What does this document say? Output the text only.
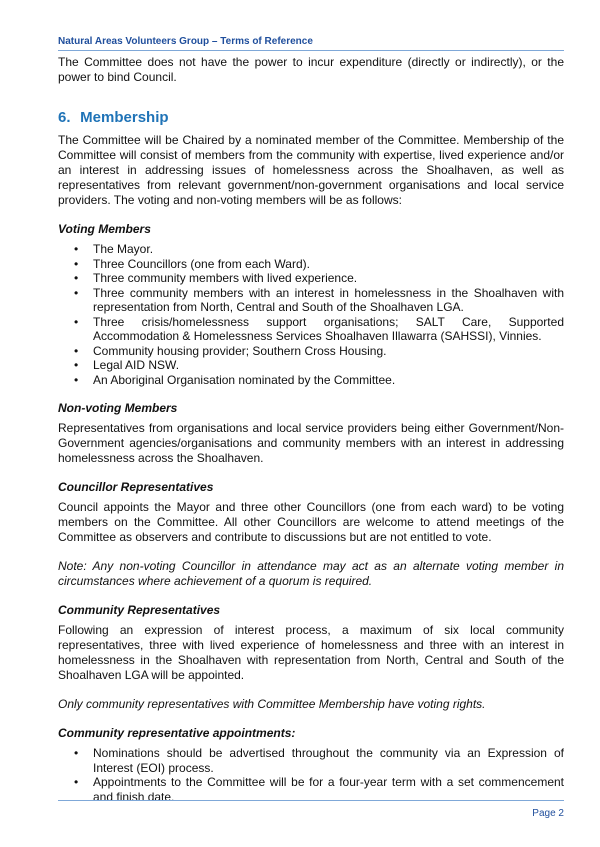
Natural Areas Volunteers Group – Terms of Reference

The Committee does not have the power to incur expenditure (directly or indirectly), or the power to bind Council.

6. Membership

The Committee will be Chaired by a nominated member of the Committee. Membership of the Committee will consist of members from the community with expertise, lived experience and/or an interest in addressing issues of homelessness across the Shoalhaven, as well as representatives from relevant government/non-government organisations and local service providers. The voting and non-voting members will be as follows:

Voting Members
• The Mayor.
• Three Councillors (one from each Ward).
• Three community members with lived experience.
• Three community members with an interest in homelessness in the Shoalhaven with representation from North, Central and South of the Shoalhaven LGA.
• Three crisis/homelessness support organisations; SALT Care, Supported Accommodation & Homelessness Services Shoalhaven Illawarra (SAHSSI), Vinnies.
• Community housing provider; Southern Cross Housing.
• Legal AID NSW.
• An Aboriginal Organisation nominated by the Committee.
Non-voting Members

Representatives from organisations and local service providers being either Government/Non-Government agencies/organisations and community members with an interest in addressing homelessness across the Shoalhaven.

Councillor Representatives

Council appoints the Mayor and three other Councillors (one from each ward) to be voting members on the Committee. All other Councillors are welcome to attend meetings of the Committee as observers and contribute to discussions but are not entitled to vote.

Note: Any non-voting Councillor in attendance may act as an alternate voting member in circumstances where achievement of a quorum is required.

Community Representatives

Following an expression of interest process, a maximum of six local community representatives, three with lived experience of homelessness and three with an interest in homelessness in the Shoalhaven with representation from North, Central and South of the Shoalhaven LGA will be appointed.

Only community representatives with Committee Membership have voting rights.

Community representative appointments:
• Nominations should be advertised throughout the community via an Expression of Interest (EOI) process.
• Appointments to the Committee will be for a four-year term with a set commencement and finish date.
Page 2
